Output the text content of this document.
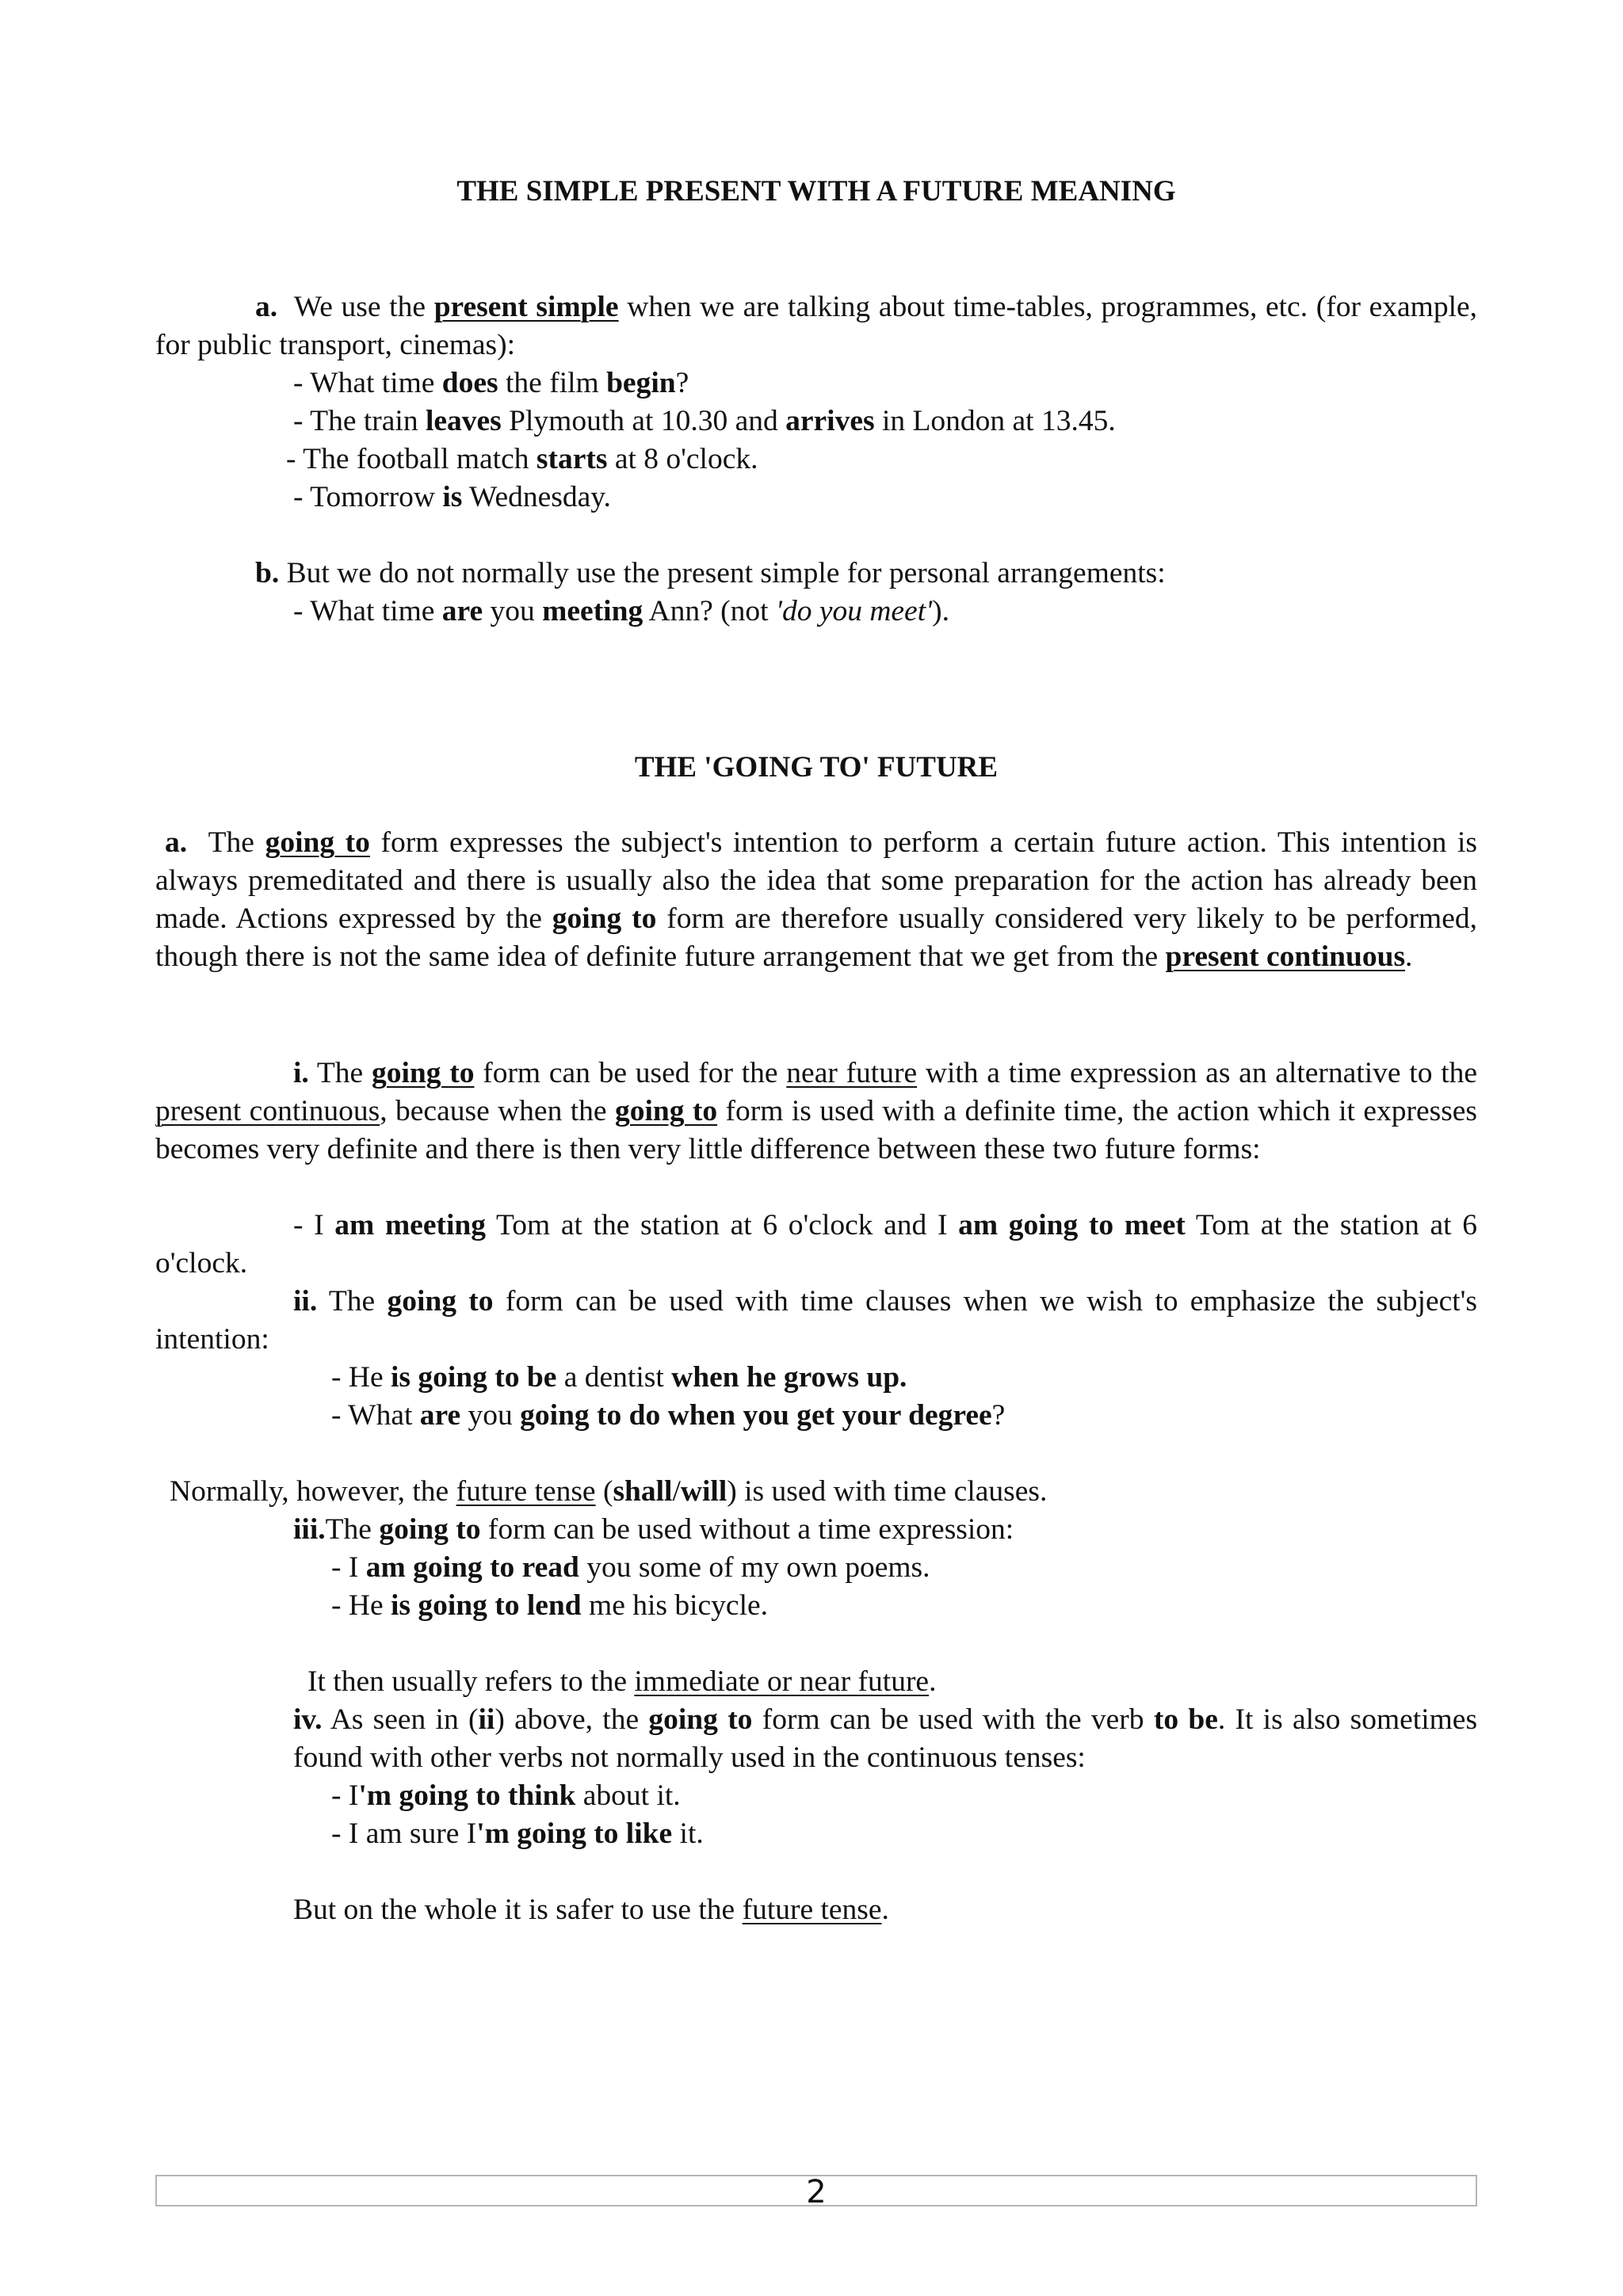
THE SIMPLE PRESENT WITH A FUTURE MEANING
a. We use the present simple when we are talking about time-tables, programmes, etc. (for example, for public transport, cinemas):
- What time does the film begin?
- The train leaves Plymouth at 10.30 and arrives in London at 13.45.
- The football match starts at 8 o'clock.
- Tomorrow is Wednesday.
b. But we do not normally use the present simple for personal arrangements:
- What time are you meeting Ann? (not 'do you meet').
THE 'GOING TO' FUTURE
a. The going to form expresses the subject's intention to perform a certain future action. This intention is always premeditated and there is usually also the idea that some preparation for the action has already been made. Actions expressed by the going to form are therefore usually considered very likely to be performed, though there is not the same idea of definite future arrangement that we get from the present continuous.
i. The going to form can be used for the near future with a time expression as an alternative to the present continuous, because when the going to form is used with a definite time, the action which it expresses becomes very definite and there is then very little difference between these two future forms:
- I am meeting Tom at the station at 6 o'clock and I am going to meet Tom at the station at 6 o'clock.
ii. The going to form can be used with time clauses when we wish to emphasize the subject's intention:
- He is going to be a dentist when he grows up.
- What are you going to do when you get your degree?
Normally, however, the future tense (shall/will) is used with time clauses.
iii.The going to form can be used without a time expression:
- I am going to read you some of my own poems.
- He is going to lend me his bicycle.
It then usually refers to the immediate or near future.
iv. As seen in (ii) above, the going to form can be used with the verb to be. It is also sometimes found with other verbs not normally used in the continuous tenses:
- I'm going to think about it.
- I am sure I'm going to like it.
But on the whole it is safer to use the future tense.
2
